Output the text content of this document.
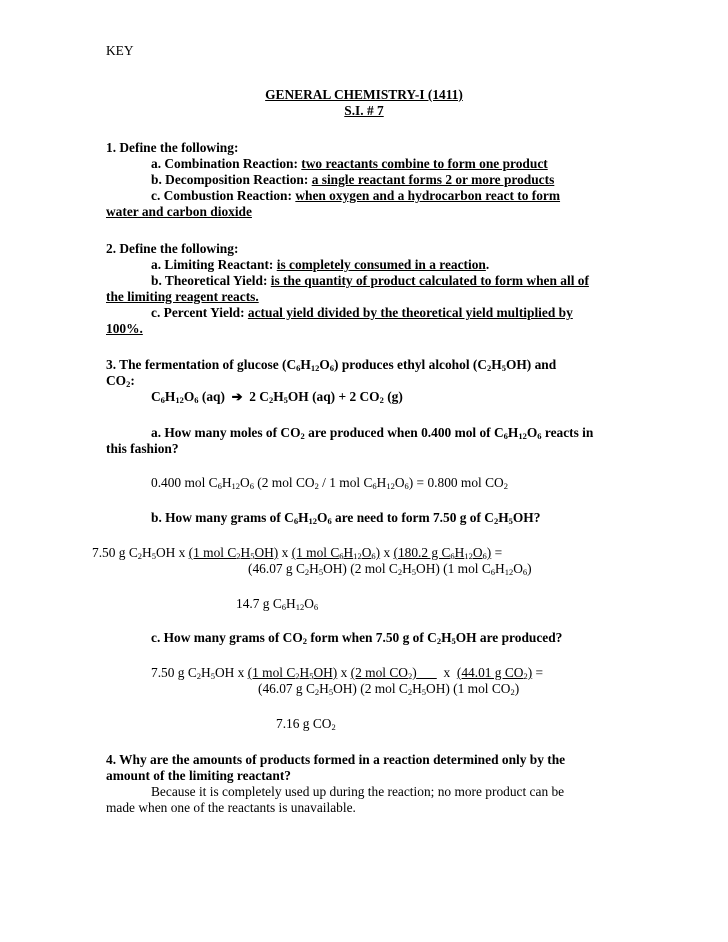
KEY
GENERAL CHEMISTRY-I (1411)
S.I. # 7
1. Define the following:
a. Combination Reaction: two reactants combine to form one product
b. Decomposition Reaction: a single reactant forms 2 or more products
c. Combustion Reaction: when oxygen and a hydrocarbon react to form
water and carbon dioxide
2. Define the following:
a. Limiting Reactant: is completely consumed in a reaction.
b. Theoretical Yield: is the quantity of product calculated to form when all of
the limiting reagent reacts.
c. Percent Yield: actual yield divided by the theoretical yield multiplied by
100%.
3. The fermentation of glucose $(C_6H_{12}O_6)$ produces ethyl alcohol $(C_2H_5OH)$ and
$CO_2$:
$C_6H_{12}O_6$ (aq) ➔ 2 $C_2H_5OH$ (aq) + 2 $CO_2$ (g)
a. How many moles of $CO_2$ are produced when 0.400 mol of $C_6H_{12}O_6$ reacts in
this fashion?
0.400 mol $C_6H_{12}O_6$ (2 mol $CO_2 / 1$ mol $C_6H_{12}O_6) = 0.800$ mol $CO_2$
b. How many grams of $C_6H_{12}O_6$ are need to form 7.50 g of $C_2H_5OH$?
7.50 g $C_2H_5OH$ x (1 mol $C_2H_5OH$) x (1 mol $C_6H_{12}O_6$) x (180.2 g $C_6H_{12}O_6$) =
(46.07 g $C_2H_5OH$) (2 mol $C_2H_5OH$) (1 mol $C_6H_{12}O_6$)
14.7 g $C_6H_{12}O_6$
c. How many grams of $CO_2$ form when 7.50 g of $C_2H_5OH$ are produced?
7.50 g $C_2H_5OH$ x (1 mol $C_2H_5OH$) x (2 mol $CO_2$)        x  (44.01 g $CO_2$) =
(46.07 g $C_2H_5OH$) (2 mol $C_2H_5OH$) (1 mol $CO_2$)
7.16 g $CO_2$
4. Why are the amounts of products formed in a reaction determined only by the
amount of the limiting reactant?
Because it is completely used up during the reaction; no more product can be
made when one of the reactants is unavailable.
